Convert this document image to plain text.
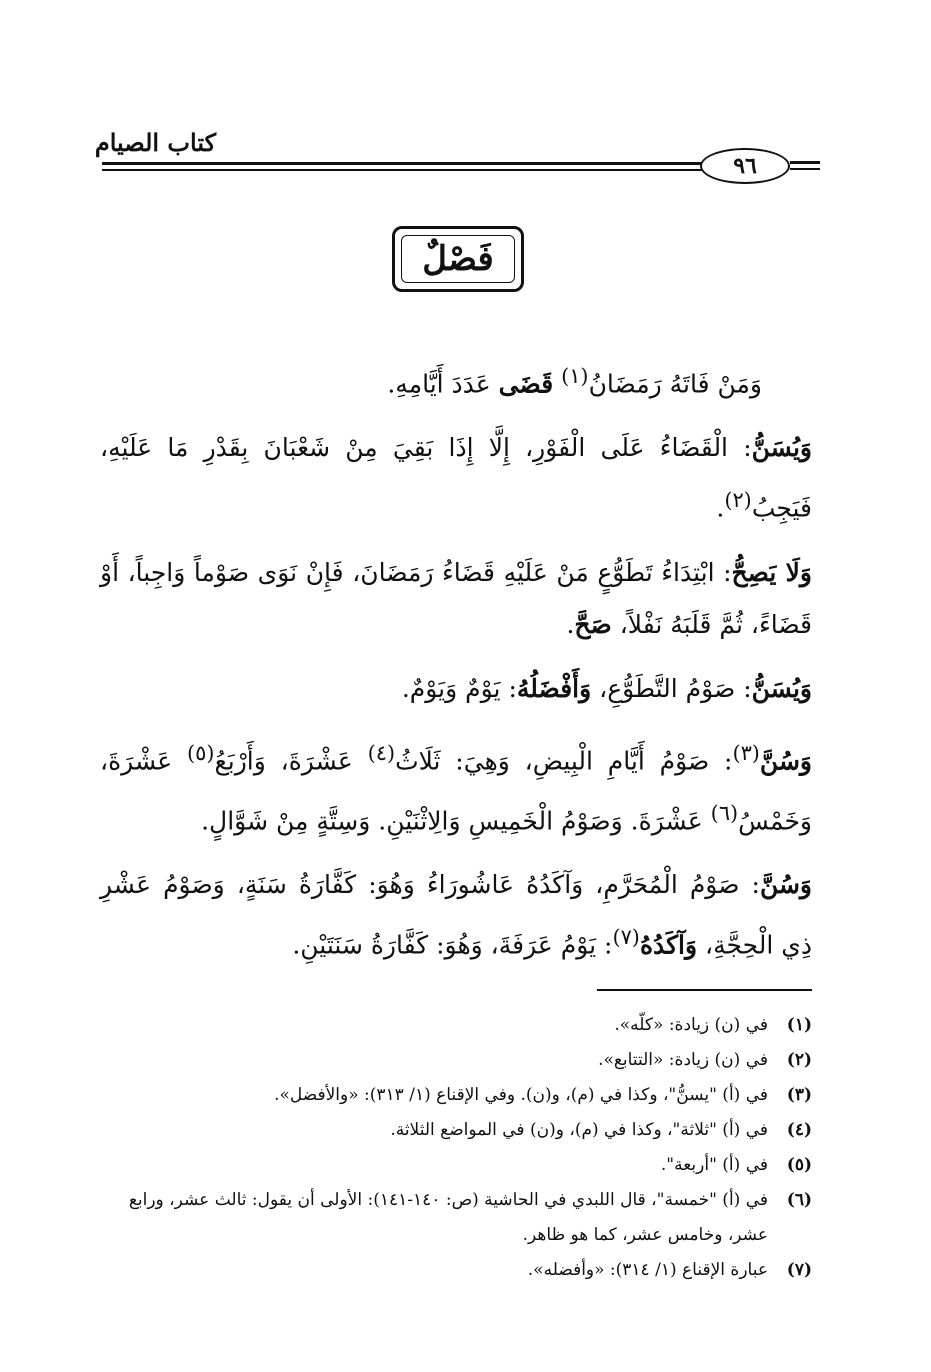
كتاب الصيام
٩٦
فَصْلٌ

وَمَنْ فَاتَهُ رَمَضَانُ$^{(١)}$ قَضَى عَدَدَ أَيَّامِهِ.

وَيُسَنُّ: الْقَضَاءُ عَلَى الْفَوْرِ، إِلَّا إِذَا بَقِيَ مِنْ شَعْبَانَ بِقَدْرِ مَا عَلَيْهِ، فَيَجِبُ$^{(٢)}$.

وَلَا يَصِحُّ: ابْتِدَاءُ تَطَوُّعٍ مَنْ عَلَيْهِ قَضَاءُ رَمَضَانَ، فَإِنْ نَوَى صَوْماً وَاجِباً، أَوْ قَضَاءً، ثُمَّ قَلَبَهُ نَفْلاً، صَحَّ.

وَيُسَنُّ: صَوْمُ التَّطَوُّعِ، وَأَفْضَلُهُ: يَوْمٌ وَيَوْمٌ.

وَسُنَّ$^{(٣)}$: صَوْمُ أَيَّامِ الْبِيضِ، وَهِيَ: ثَلَاثُ$^{(٤)}$ عَشْرَةَ، وَأَرْبَعُ$^{(٥)}$ عَشْرَةَ، وَخَمْسُ$^{(٦)}$ عَشْرَةَ. وَصَوْمُ الْخَمِيسِ وَالِاثْنَيْنِ. وَسِتَّةٍ مِنْ شَوَّالٍ.

وَسُنَّ: صَوْمُ الْمُحَرَّمِ، وَآكَدُهُ عَاشُورَاءُ وَهُوَ: كَفَّارَةُ سَنَةٍ، وَصَوْمُ عَشْرِ ذِي الْحِجَّةِ، وَآكَدُهُ$^{(٧)}$: يَوْمُ عَرَفَةَ، وَهُوَ: كَفَّارَةُ سَنَتَيْنِ.

(١)
في (ن) زيادة: «كلّه».
(٢)
في (ن) زيادة: «التتابع».
(٣)
في (أ) "يسنُّ"، وكذا في (م)، و(ن). وفي الإقناع (١/ ٣١٣): «والأفضل».
(٤)
في (أ) "ثلاثة"، وكذا في (م)، و(ن) في المواضع الثلاثة.
(٥)
في (أ) "أربعة".
(٦)
في (أ) "خمسة"، قال اللبدي في الحاشية (ص: ١٤٠-١٤١): الأولى أن يقول: ثالث عشر، ورابع عشر، وخامس عشر، كما هو ظاهر.
(٧)
عبارة الإقناع (١/ ٣١٤): «وأفضله».
